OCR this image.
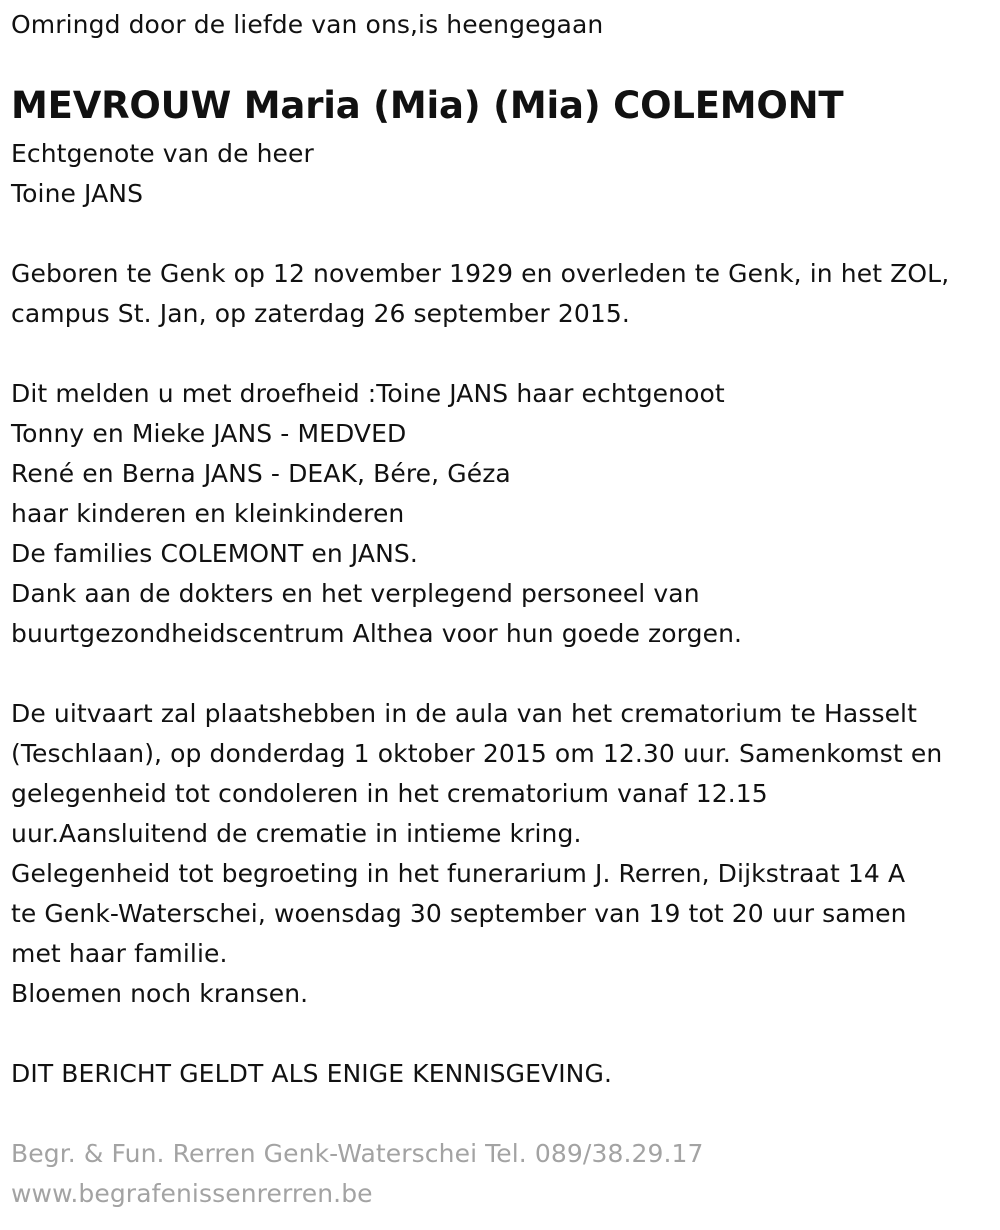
Omringd door de liefde van ons,is heengegaan
MEVROUW Maria (Mia) (Mia) COLEMONT
Echtgenote van de heer
Toine JANS
Geboren te Genk op 12 november 1929 en overleden te Genk, in het ZOL,
campus St. Jan, op zaterdag 26 september 2015.
Dit melden u met droefheid :Toine JANS haar echtgenoot
Tonny en Mieke JANS - MEDVED
René en Berna JANS - DEAK, Bére, Géza
haar kinderen en kleinkinderen
De families COLEMONT en JANS.
Dank aan de dokters en het verplegend personeel van
buurtgezondheidscentrum Althea voor hun goede zorgen.
De uitvaart zal plaatshebben in de aula van het crematorium te Hasselt
(Teschlaan), op donderdag 1 oktober 2015 om 12.30 uur. Samenkomst en
gelegenheid tot condoleren in het crematorium vanaf 12.15
uur.Aansluitend de crematie in intieme kring.
Gelegenheid tot begroeting in het funerarium J. Rerren, Dijkstraat 14 A
te Genk-Waterschei, woensdag 30 september van 19 tot 20 uur samen
met haar familie.
Bloemen noch kransen.
DIT BERICHT GELDT ALS ENIGE KENNISGEVING.
Begr. & Fun. Rerren Genk-Waterschei Tel. 089/38.29.17
www.begrafenissenrerren.be
